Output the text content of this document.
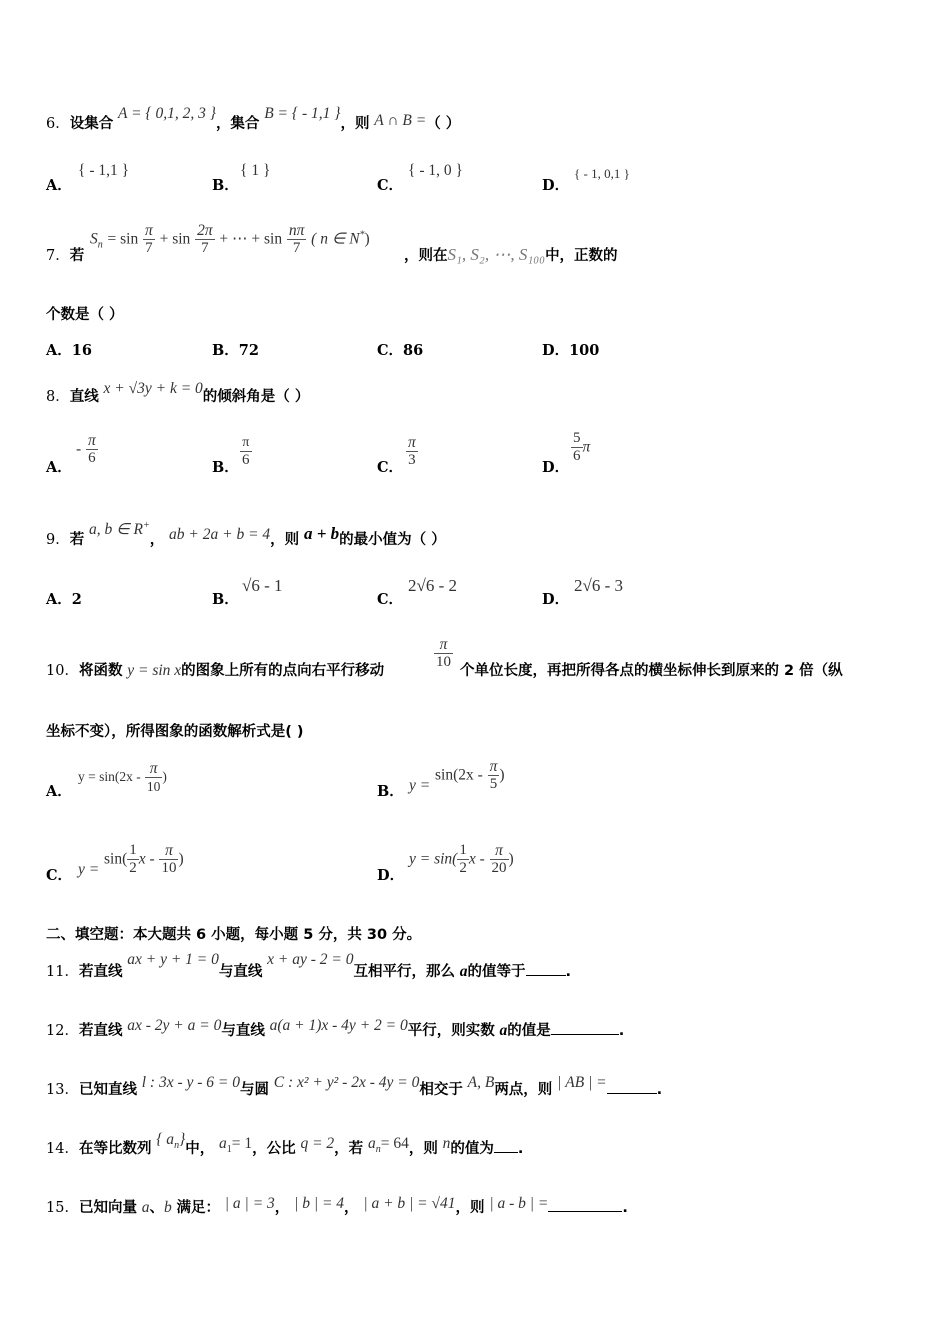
6．设集合 A = { 0,1, 2, 3 }，集合 B = { - 1,1 }，则 A ∩ B =（ ）
A．
{ - 1,1 }
B．
{ 1 }
C．
{ - 1, 0 }
D．
{ - 1, 0,1 }
7．若
$S_n = \sin \frac{\pi}{7} + \sin \frac{2\pi}{7}$ + ⋯ + $\sin \frac{n\pi}{7}$ ( n ∈ N*)
，则在S₁, S₂, ⋯, S₁₀₀中，正数的
个数是（ ）
A．16	B．72	C．86	D．100
8．直线 x + √3y + k = 0的倾斜角是（ ）
A．
- $\frac{\pi}{6}$
B． $\frac{\pi}{6}$	C． $\frac{\pi}{3}$	D．
$\frac{5}{6}$ π
9．若 a, b ∈ R+， ab + 2a + b = 4，则 a + b的最小值为（ ）
A．2	B．
√6 - 1
C．
2√6 - 2
D．
2√6 - 3
10．将函数 y = sin x的图象上所有的点向右平行移动	$\frac{\pi}{10}$ 个单位长度，再把所得各点的横坐标伸长到原来的 2 倍（纵
坐标不变），所得图象的函数解析式是( )
A．
$y = \sin(2x - \frac{\pi}{10}$ )
B． $y = \sin(2x - \frac{\pi}{5}$ )
C． $y = \sin( \frac{1}{2}$ x - $\frac{\pi}{10}$ )
D．
$y = \sin( \frac{1}{2}$ x - $\frac{\pi}{20}$ )
二、填空题：本大题共 6 小题，每小题 5 分，共 30 分。
11．若直线 ax + y + 1 = 0与直线 x + ay - 2 = 0互相平行，那么 a的值等于	.
12．若直线 ax - 2y + a = 0与直线 a(a + 1)x - 4y + 2 = 0平行，则实数 a的值是	.
13．已知直线 l : 3x - y - 6 = 0与圆 C : x² + y² - 2x - 4y = 0相交于 A, B两点，则 | AB | =	.
14．在等比数列 { $a_n$}中， $a_1= 1$，公比 q = 2，若 $a_n= 64$，则 n的值为 .
15．已知向量 a、b 满足： | a | = 3， | b | = 4， | a + b | = √41，则 | a - b | =	.
